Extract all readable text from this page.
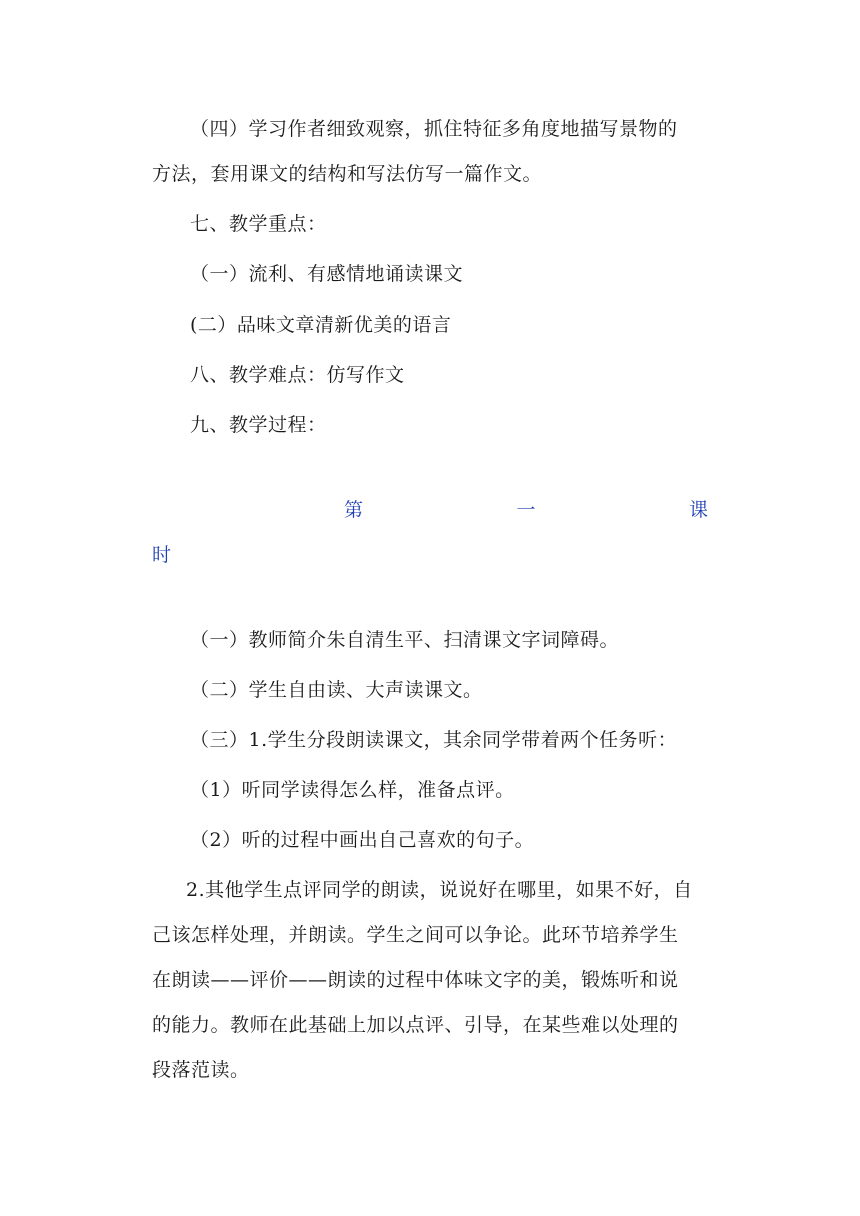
（四）学习作者细致观察，抓住特征多角度地描写景物的
方法，套用课文的结构和写法仿写一篇作文。
七、教学重点：
（一）流利、有感情地诵读课文
(二）品味文章清新优美的语言
八、教学难点：仿写作文
九、教学过程：
第	一	课
时
（一）教师简介朱自清生平、扫清课文字词障碍。
（二）学生自由读、大声读课文。
（三）1.学生分段朗读课文，其余同学带着两个任务听：
（1）听同学读得怎么样，准备点评。
（2）听的过程中画出自己喜欢的句子。
2.其他学生点评同学的朗读，说说好在哪里，如果不好，自
己该怎样处理，并朗读。学生之间可以争论。此环节培养学生
在朗读——评价——朗读的过程中体味文字的美，锻炼听和说
的能力。教师在此基础上加以点评、引导，在某些难以处理的
段落范读。
